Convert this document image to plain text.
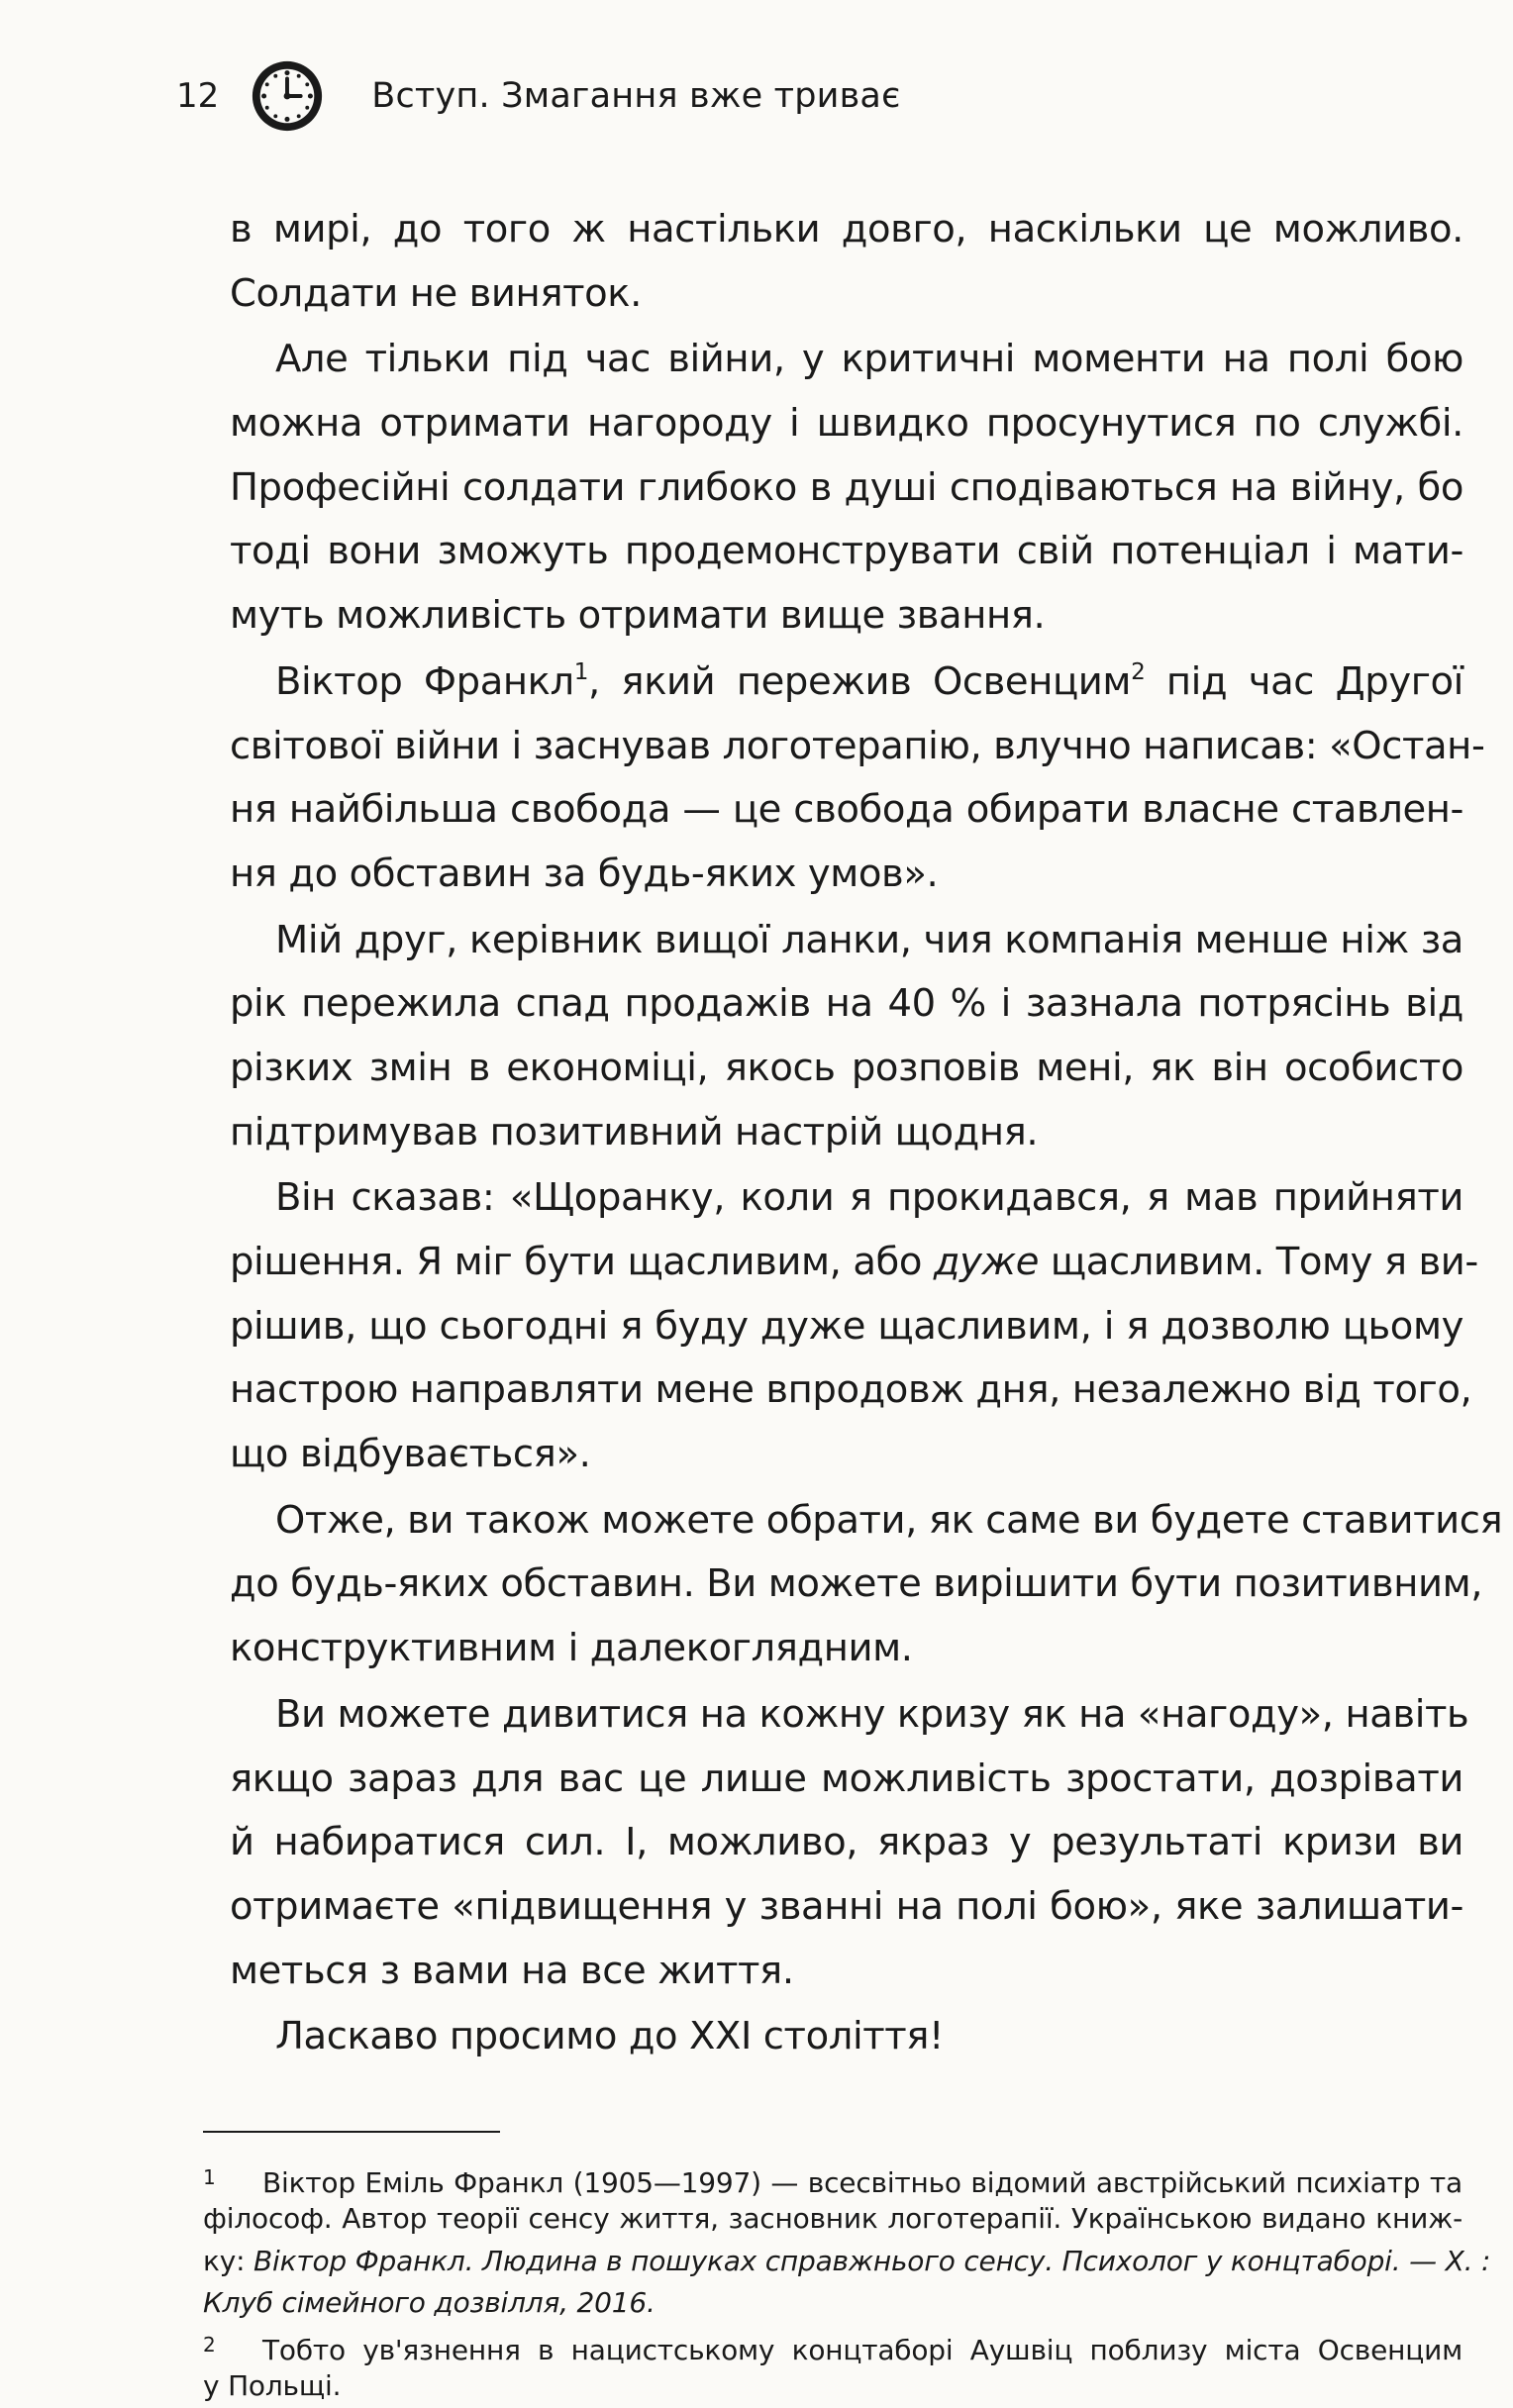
12	Вступ. Змагання вже триває
в мирі, до того ж настільки довго, наскільки це можливо.
Солдати не виняток.
Але тільки під час війни, у критичні моменти на полі бою
можна отримати нагороду і швидко просунутися по службі.
Професійні солдати глибоко в душі сподіваються на війну, бо
тоді вони зможуть продемонструвати свій потенціал і мати-
муть можливість отримати вище звання.
Віктор Франкл$^1$, який пережив Освенцим$^2$ під час Другої
світової війни і заснував логотерапію, влучно написав: «Остан-
ня найбільша свобода — це свобода обирати власне ставлен-
ня до обставин за будь-яких умов».
Мій друг, керівник вищої ланки, чия компанія менше ніж за
рік пережила спад продажів на 40 % і зазнала потрясінь від
різких змін в економіці, якось розповів мені, як він особисто
підтримував позитивний настрій щодня.
Він сказав: «Щоранку, коли я прокидався, я мав прийняти
рішення. Я міг бути щасливим, або дуже щасливим. Тому я ви-
рішив, що сьогодні я буду дуже щасливим, і я дозволю цьому
настрою направляти мене впродовж дня, незалежно від того,
що відбувається».
Отже, ви також можете обрати, як саме ви будете ставитися
до будь-яких обставин. Ви можете вирішити бути позитивним,
конструктивним і далекоглядним.
Ви можете дивитися на кожну кризу як на «нагоду», навіть
якщо зараз для вас це лише можливість зростати, дозрівати
й набиратися сил. І, можливо, якраз у результаті кризи ви
отримаєте «підвищення у званні на полі бою», яке залишати-
меться з вами на все життя.
Ласкаво просимо до XXI століття!
1 Віктор Еміль Франкл (1905—1997) — всесвітньо відомий австрійський психіатр та
філософ. Автор теорії сенсу життя, засновник логотерапії. Українською видано книж-
ку: Віктор Франкл. Людина в пошуках справжнього сенсу. Психолог у концтаборі. — Х. :
Клуб сімейного дозвілля, 2016.
2 Тобто ув'язнення в нацистському концтаборі Аушвіц поблизу міста Освенцим
у Польщі.
